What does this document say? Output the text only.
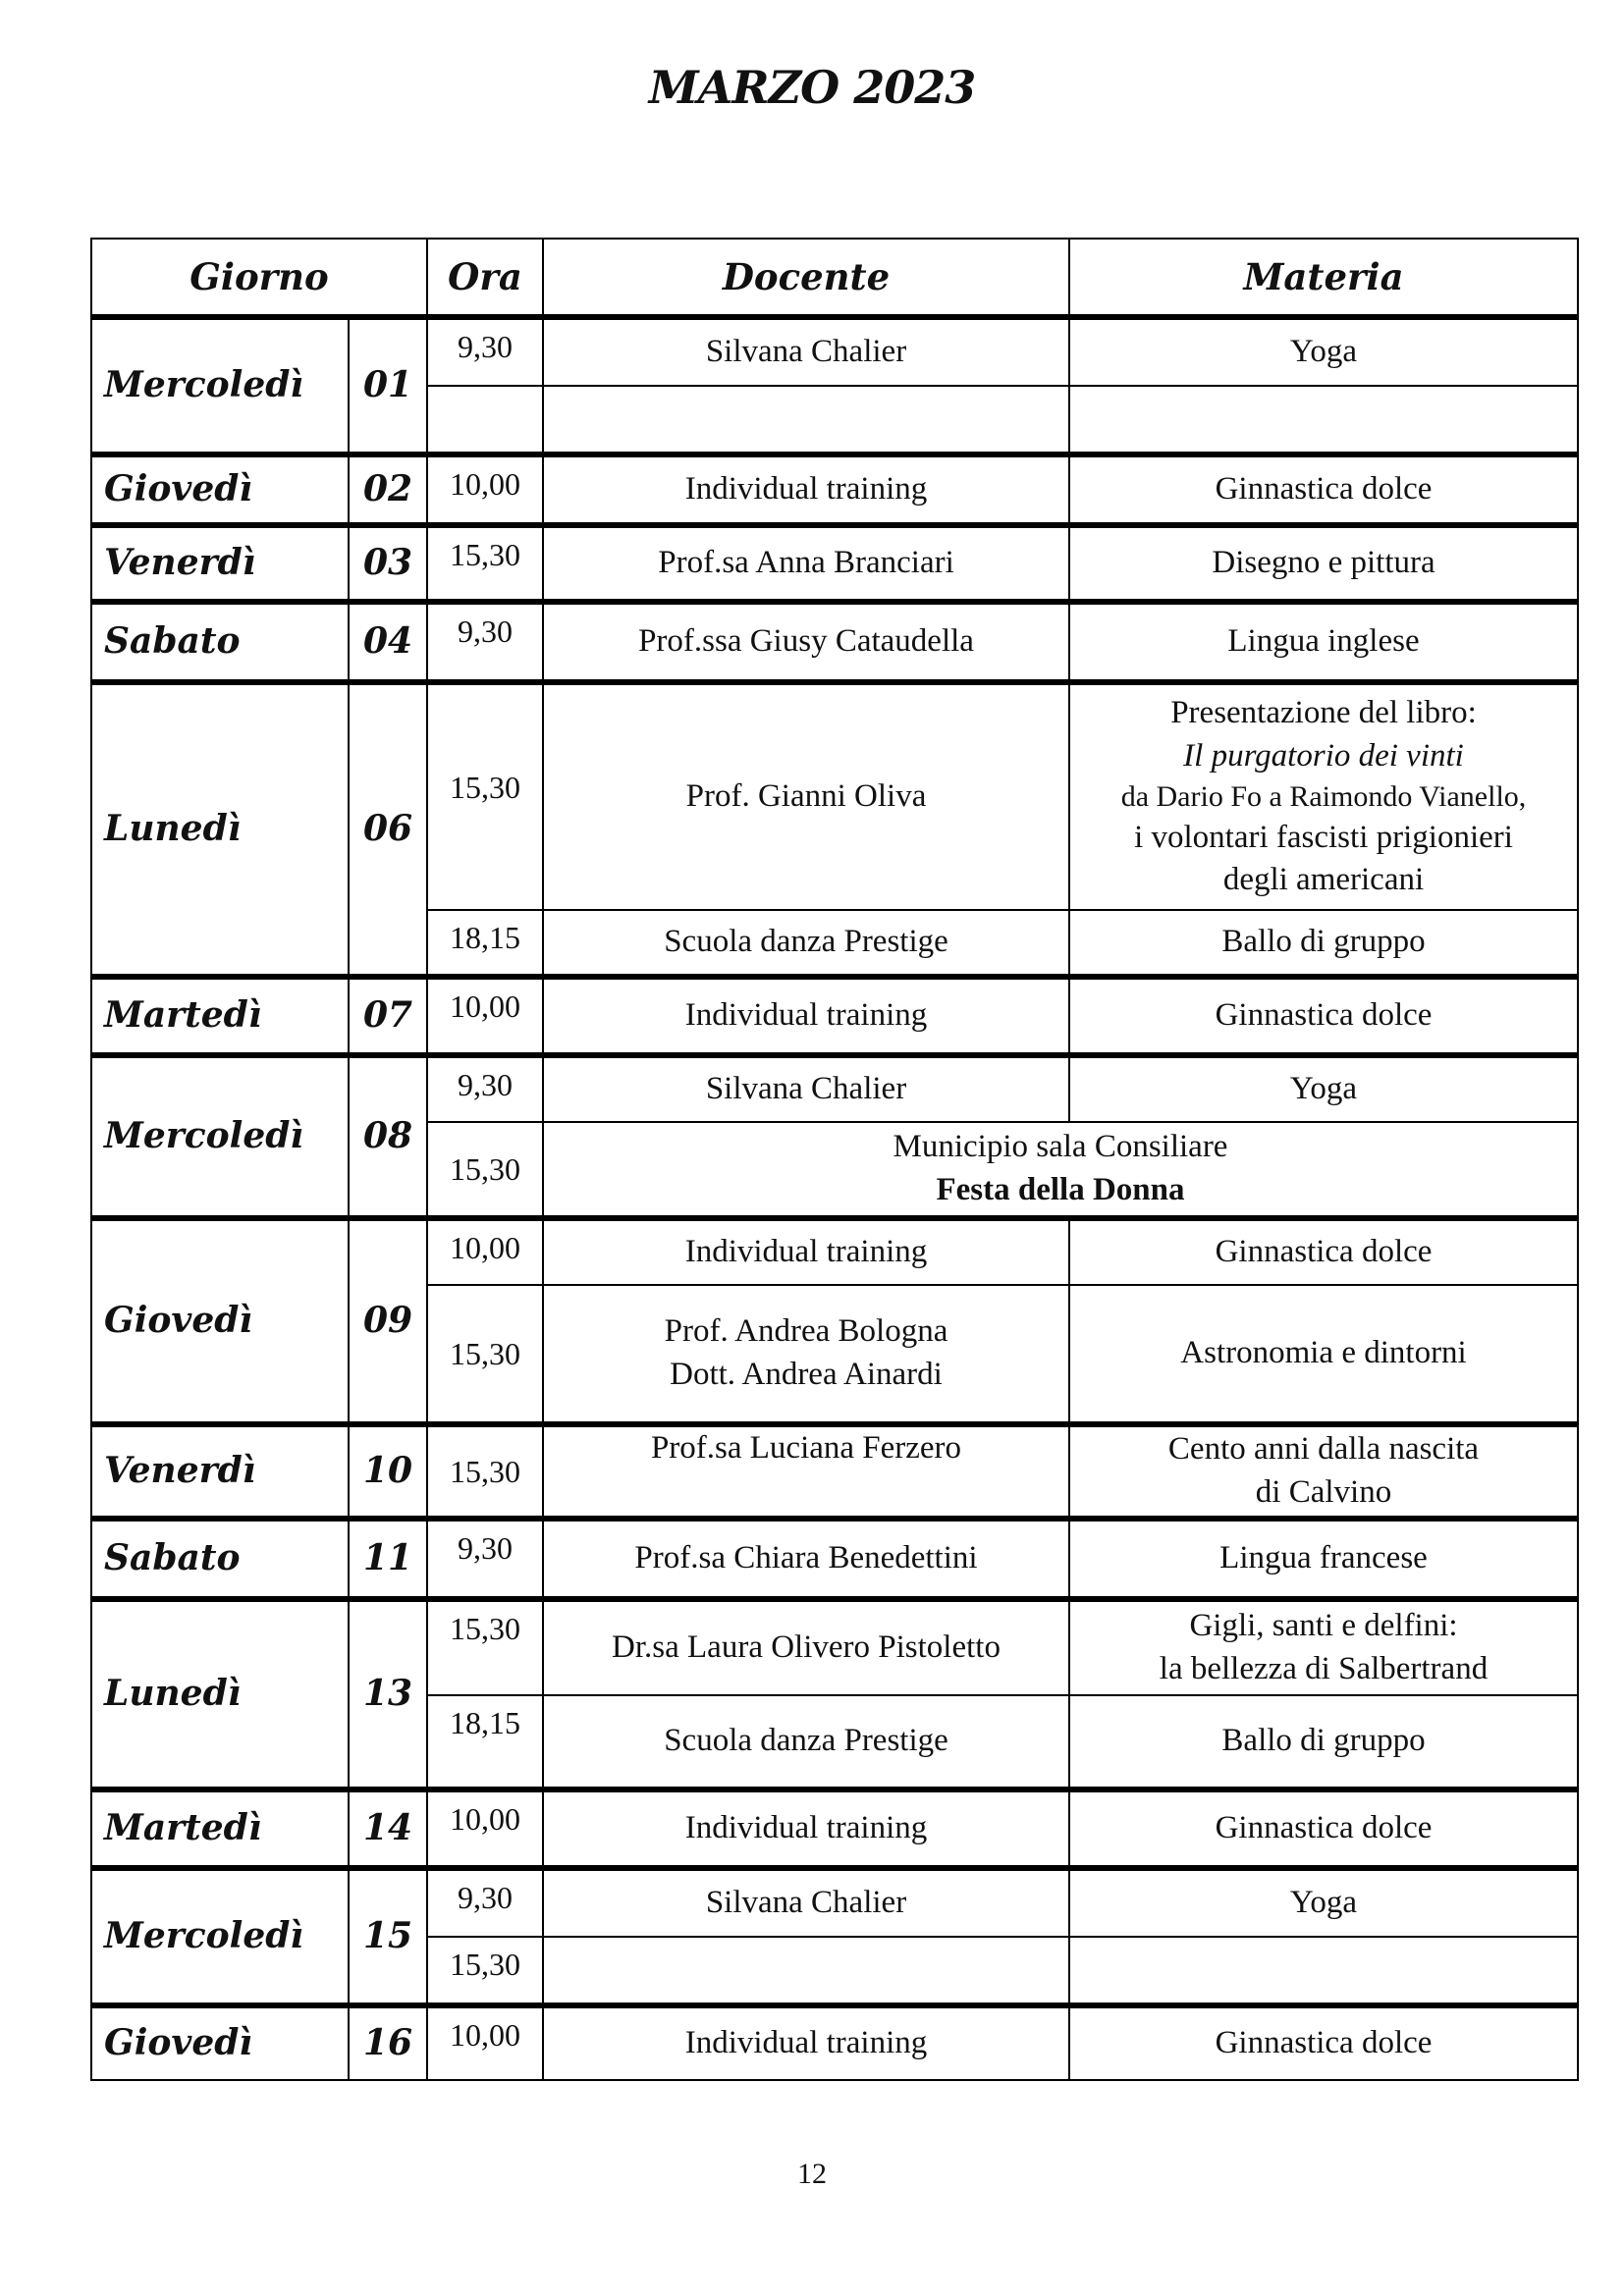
MARZO 2023
Giorno		Ora	Docente	Materia
Mercoledì	01	9,30	Silvana Chalier	Yoga

Giovedì	02	10,00	Individual training	Ginnastica dolce
Venerdì	03	15,30	Prof.sa Anna Branciari	Disegno e pittura
Sabato	04	9,30	Prof.ssa Giusy Cataudella	Lingua inglese
Lunedì	06	15,30	Prof. Gianni Oliva	Presentazione del libro:
Il purgatorio dei vinti
da Dario Fo a Raimondo Vianello,
i volontari fascisti prigionieri
degli americani

		18,15	Scuola danza Prestige	Ballo di gruppo
Martedì	07	10,00	Individual training	Ginnastica dolce
Mercoledì	08	9,30	Silvana Chalier	Yoga
		15,30	Municipio sala Consiliare
Festa della Donna	

Giovedì	09	10,00	Individual training	Ginnastica dolce
		15,30	Prof. Andrea Bologna
Dott. Andrea Ainardi	Astronomia e dintorni
Venerdì	10	15,30	Prof.sa Luciana Ferzero	Cento anni dalla nascita
di Calvino

Sabato	11	9,30	Prof.sa Chiara Benedettini	Lingua francese
Lunedì	13	15,30	Dr.sa Laura Olivero Pistoletto	Gigli, santi e delfini:
la bellezza di Salbertrand

		18,15	Scuola danza Prestige	Ballo di gruppo
Martedì	14	10,00	Individual training	Ginnastica dolce
Mercoledì	15	9,30	Silvana Chalier	Yoga
		15,30		
Giovedì	16	10,00	Individual training	Ginnastica dolce
12
